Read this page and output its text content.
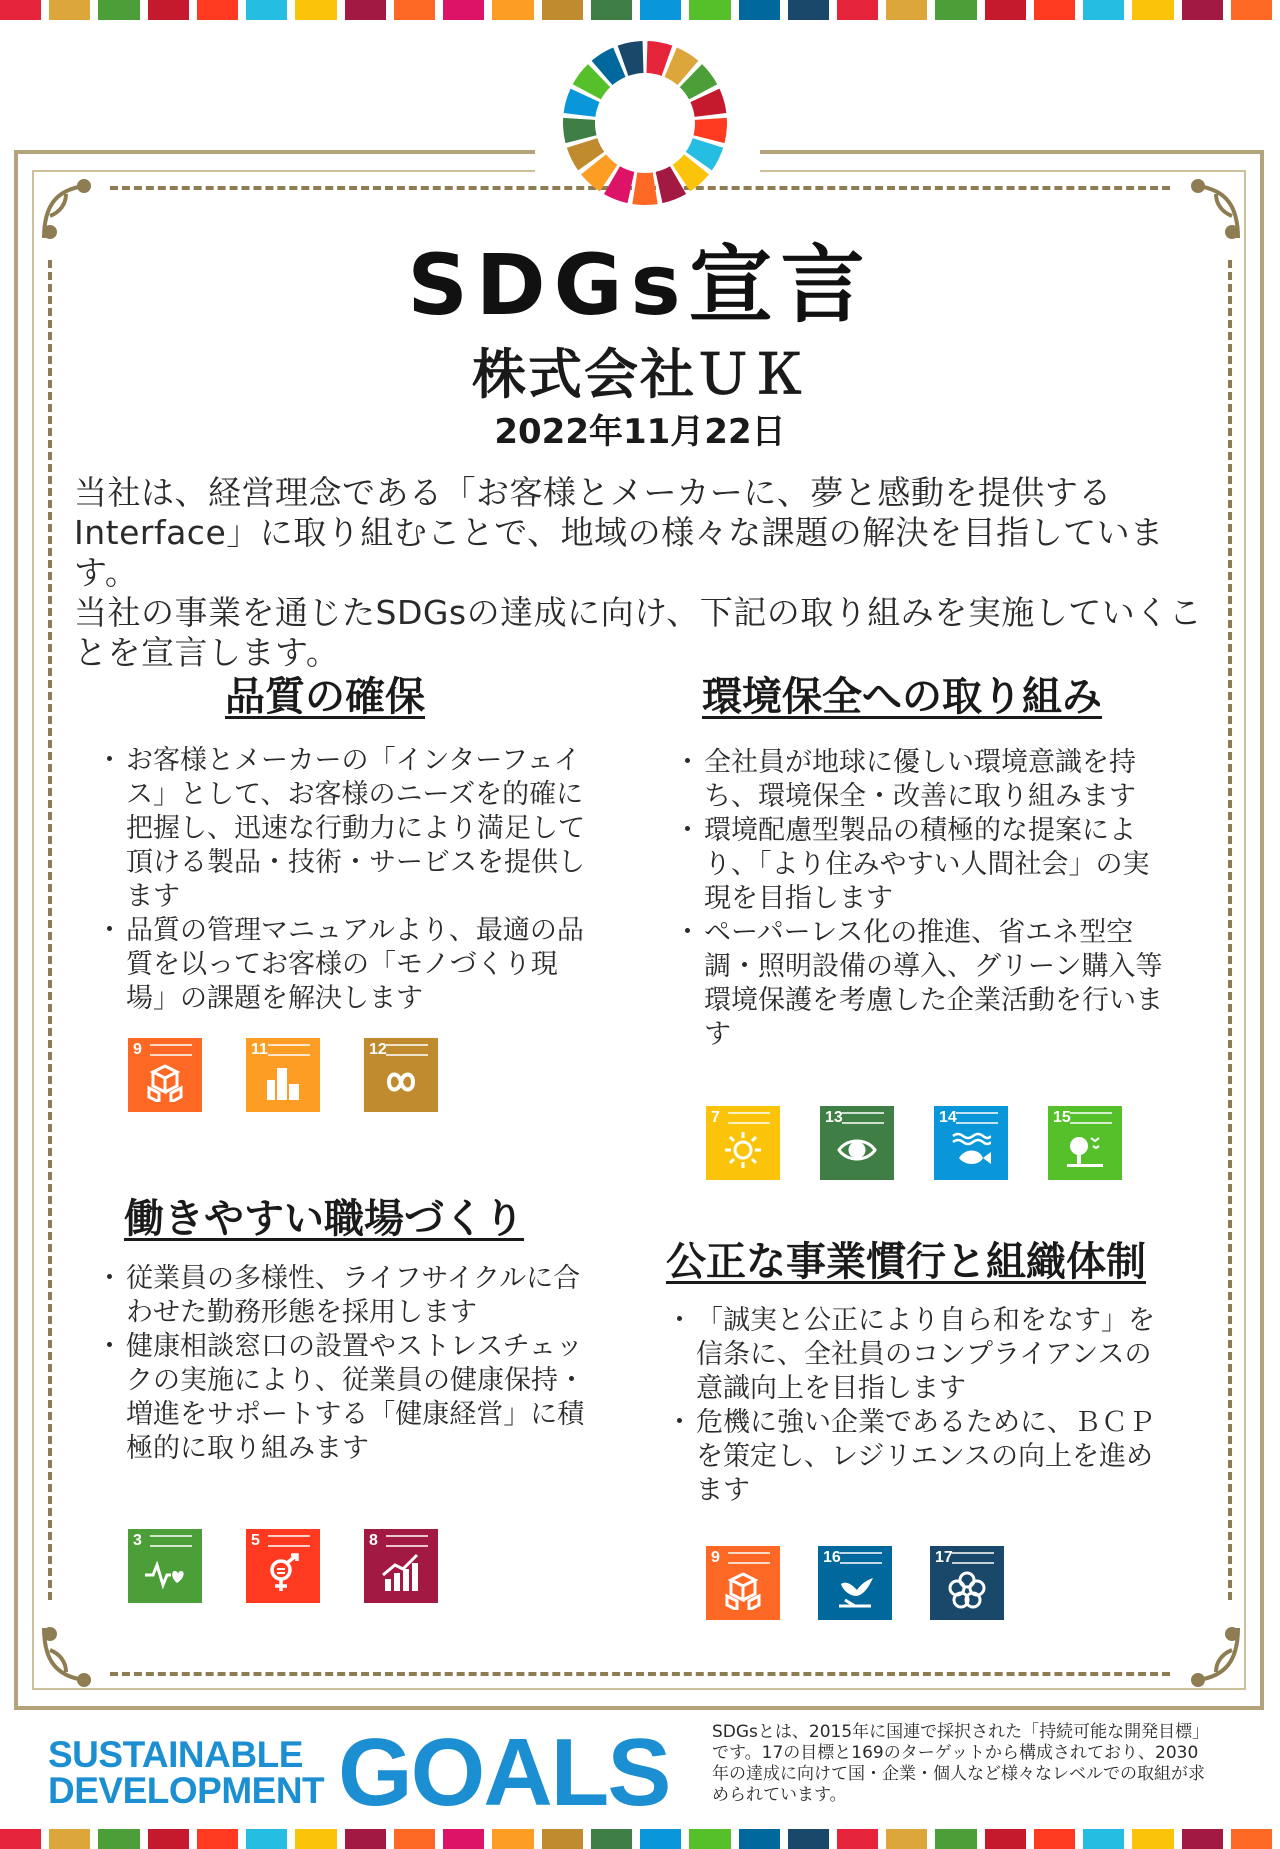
SDGs宣言
株式会社ＵＫ
2022年11月22日

当社は、経営理念である「お客様とメーカーに、夢と感動を提供する

Interface」に取り組むことで、地域の様々な課題の解決を目指しています。

当社の事業を通じたSDGsの達成に向け、下記の取り組みを実施していくこ

とを宣言します。

品質の確保
・ お客様とメーカーの「インターフェイス」として、お客様のニーズを的確に把握し、迅速な行動力により満足して頂ける製品・技術・サービスを提供します
・ 品質の管理マニュアルより、最適の品質を以ってお客様の「モノづくり現場」の課題を解決します
9	11	12
環境保全への取り組み
・ 全社員が地球に優しい環境意識を持ち、環境保全・改善に取り組みます
・ 環境配慮型製品の積極的な提案により、「より住みやすい人間社会」の実現を目指します
・ ペーパーレス化の推進、省エネ型空調・照明設備の導入、グリーン購入等環境保護を考慮した企業活動を行います
7	13	14	15
働きやすい職場づくり
・ 従業員の多様性、ライフサイクルに合わせた勤務形態を採用します
・ 健康相談窓口の設置やストレスチェックの実施により、従業員の健康保持・増進をサポートする「健康経営」に積極的に取り組みます
3	5	8
公正な事業慣行と組織体制
・ 「誠実と公正により自ら和をなす」を信条に、全社員のコンプライアンスの意識向上を目指します
・ 危機に強い企業であるために、ＢＣＰを策定し、レジリエンスの向上を進めます
9	16	17
SUSTAINABLE
DEVELOPMENT GOALS	SDGsとは、2015年に国連で採択された「持続可能な開発目標」です。17の目標と169のターゲットから構成されており、2030年の達成に向けて国・企業・個人など様々なレベルでの取組が求められています。
